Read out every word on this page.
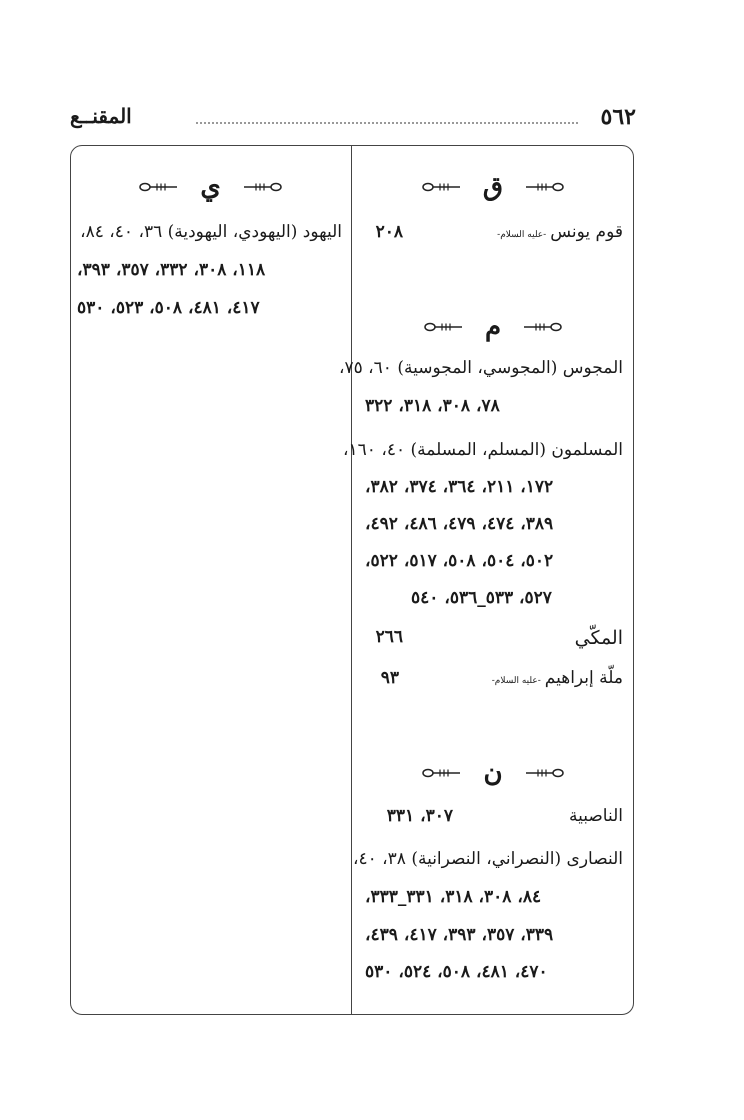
٥٦٢
المقنــع
ق
قوم يونس-عليه السلام-
٢٠٨
م
المجوس (المجوسي، المجوسية) ٦٠، ٧٥،
٧٨، ٣٠٨، ٣١٨، ٣٢٢
المسلمون (المسلم، المسلمة) ٤٠، ١٦٠،
١٧٢، ٢١١، ٣٦٤، ٣٧٤، ٣٨٢،
٣٨٩، ٤٧٤، ٤٧٩، ٤٨٦، ٤٩٢،
٥٠٢، ٥٠٤، ٥٠٨، ٥١٧، ٥٢٢،
٥٢٧، ٥٣٣_٥٣٦، ٥٤٠
المكّي
٢٦٦
ملّة إبراهيم-عليه السلام-
٩٣
ن
الناصبية
٣٠٧، ٣٣١
النصارى (النصراني، النصرانية) ٣٨، ٤٠،
٨٤، ٣٠٨، ٣١٨، ٣٣١_٣٣٣،
٣٣٩، ٣٥٧، ٣٩٣، ٤١٧، ٤٣٩،
٤٧٠، ٤٨١، ٥٠٨، ٥٢٤، ٥٣٠
ي
اليهود (اليهودي، اليهودية) ٣٦، ٤٠، ٨٤،
١١٨، ٣٠٨، ٣٣٢، ٣٥٧، ٣٩٣،
٤١٧، ٤٨١، ٥٠٨، ٥٢٣، ٥٣٠
